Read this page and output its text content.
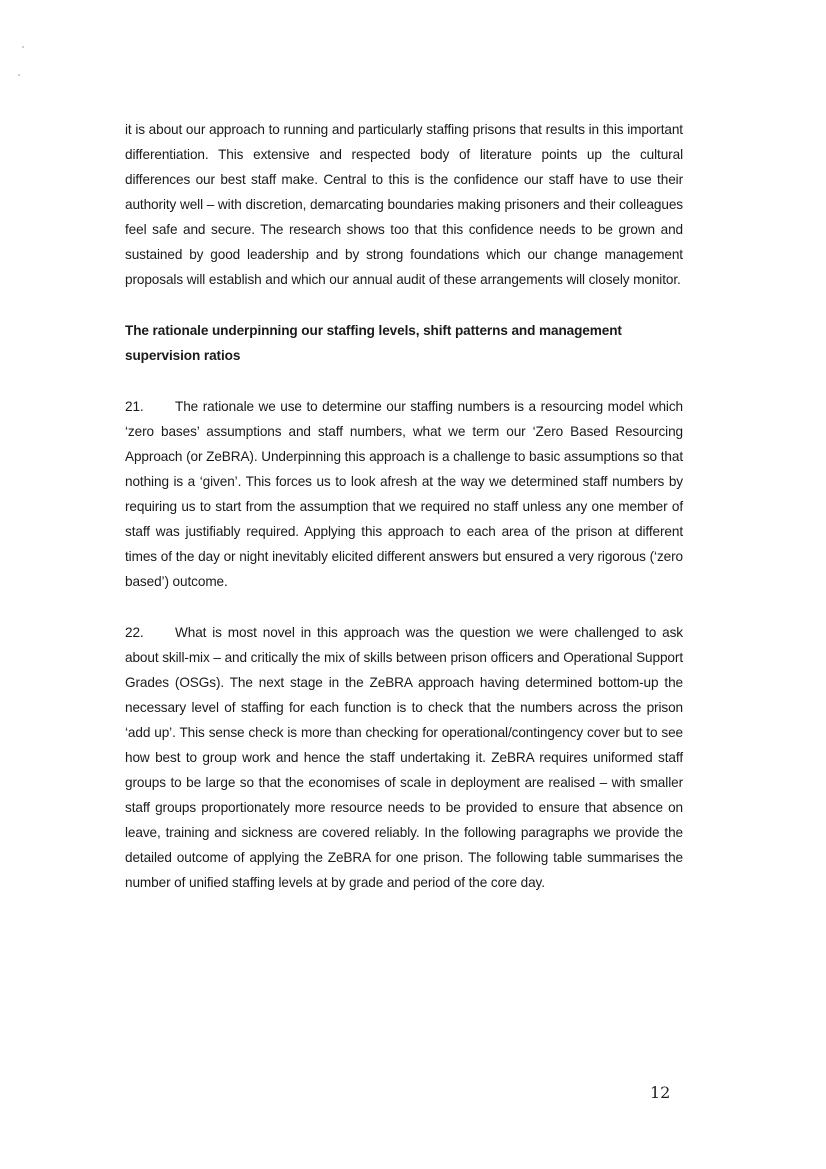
it is about our approach to running and particularly staffing prisons that results in this important differentiation. This extensive and respected body of literature points up the cultural differences our best staff make. Central to this is the confidence our staff have to use their authority well – with discretion, demarcating boundaries making prisoners and their colleagues feel safe and secure. The research shows too that this confidence needs to be grown and sustained by good leadership and by strong foundations which our change management proposals will establish and which our annual audit of these arrangements will closely monitor.

The rationale underpinning our staffing levels, shift patterns and management supervision ratios

21. The rationale we use to determine our staffing numbers is a resourcing model which ‘zero bases’ assumptions and staff numbers, what we term our ‘Zero Based Resourcing Approach (or ZeBRA). Underpinning this approach is a challenge to basic assumptions so that nothing is a ‘given’. This forces us to look afresh at the way we determined staff numbers by requiring us to start from the assumption that we required no staff unless any one member of staff was justifiably required. Applying this approach to each area of the prison at different times of the day or night inevitably elicited different answers but ensured a very rigorous (‘zero based’) outcome.

22. What is most novel in this approach was the question we were challenged to ask about skill-mix – and critically the mix of skills between prison officers and Operational Support Grades (OSGs). The next stage in the ZeBRA approach having determined bottom-up the necessary level of staffing for each function is to check that the numbers across the prison ‘add up’. This sense check is more than checking for operational/contingency cover but to see how best to group work and hence the staff undertaking it. ZeBRA requires uniformed staff groups to be large so that the economises of scale in deployment are realised – with smaller staff groups proportionately more resource needs to be provided to ensure that absence on leave, training and sickness are covered reliably. In the following paragraphs we provide the detailed outcome of applying the ZeBRA for one prison. The following table summarises the number of unified staffing levels at by grade and period of the core day.

12
